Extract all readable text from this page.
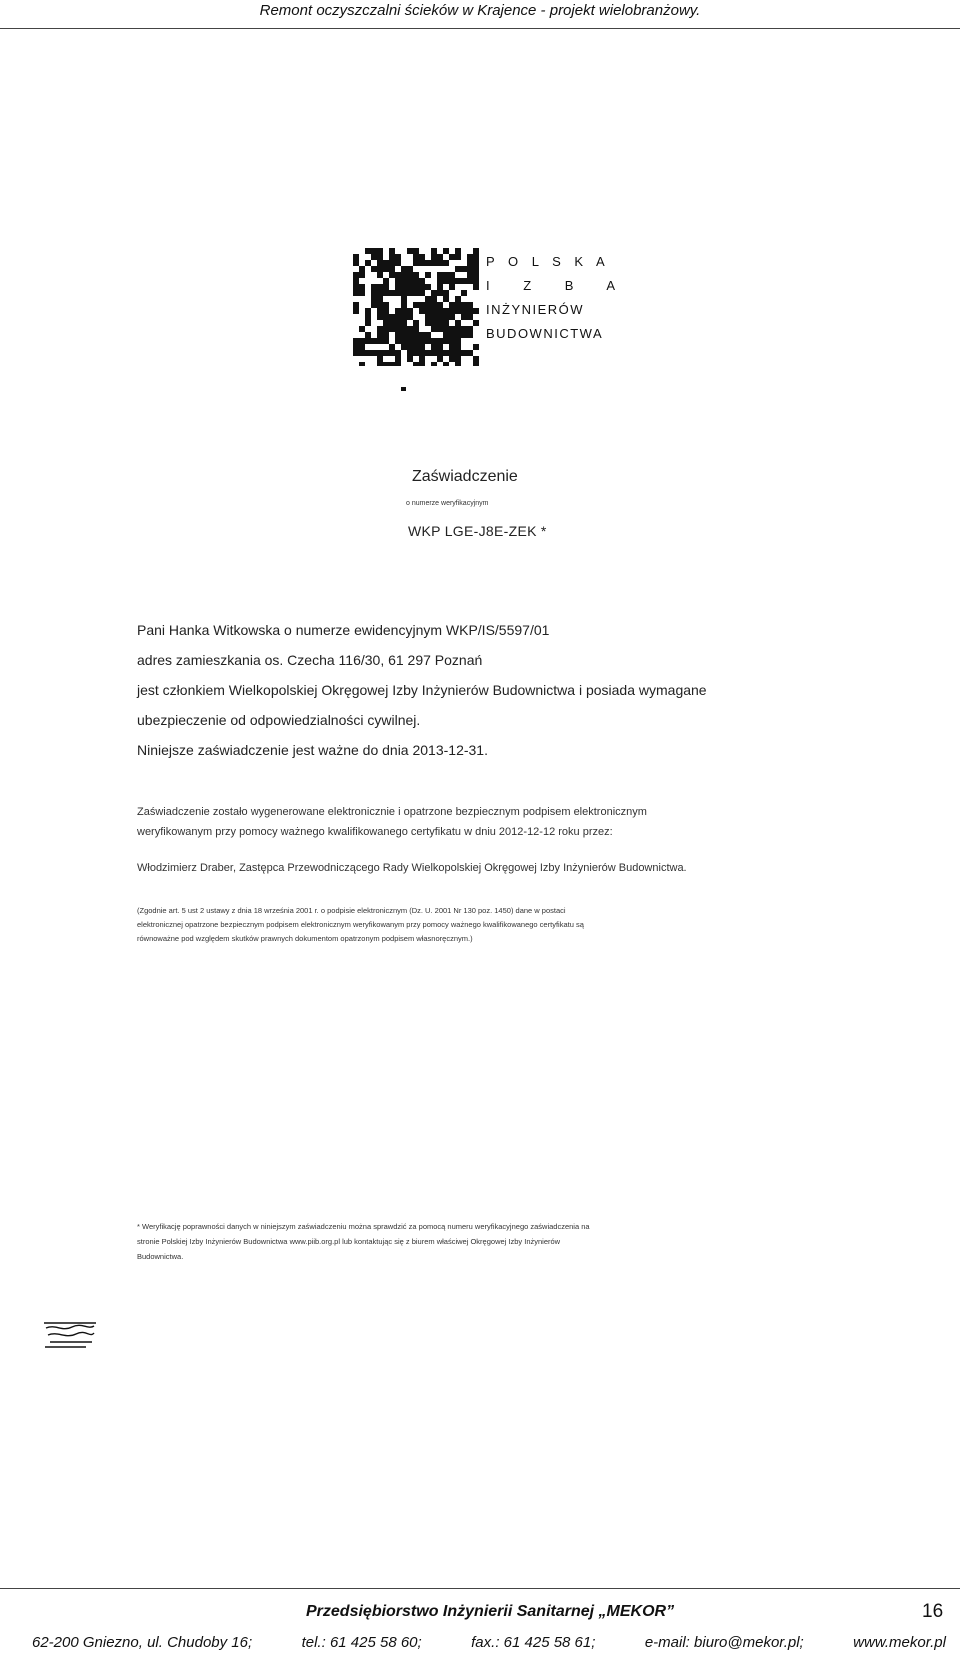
Remont oczyszczalni ścieków w Krajence - projekt wielobranżowy.
P O L S K A
I Z B A
INŻYNIERÓW
BUDOWNICTWA
Zaświadczenie
o numerze weryfikacyjnym
WKP LGE-J8E-ZEK *
Pani Hanka Witkowska o numerze ewidencyjnym WKP/IS/5597/01
adres zamieszkania os. Czecha 116/30, 61 297 Poznań
jest członkiem Wielkopolskiej Okręgowej Izby Inżynierów Budownictwa i posiada wymagane
ubezpieczenie od odpowiedzialności cywilnej.
Niniejsze zaświadczenie jest ważne do dnia 2013-12-31.
Zaświadczenie zostało wygenerowane elektronicznie i opatrzone bezpiecznym podpisem elektronicznym
weryfikowanym przy pomocy ważnego kwalifikowanego certyfikatu w dniu 2012-12-12 roku przez:
Włodzimierz Draber, Zastępca Przewodniczącego Rady Wielkopolskiej Okręgowej Izby Inżynierów Budownictwa.
(Zgodnie art. 5 ust 2 ustawy z dnia 18 września 2001 r. o podpisie elektronicznym (Dz. U. 2001 Nr 130 poz. 1450) dane w postaci
elektronicznej opatrzone bezpiecznym podpisem elektronicznym weryfikowanym przy pomocy ważnego kwalifikowanego certyfikatu są
równoważne pod względem skutków prawnych dokumentom opatrzonym podpisem własnoręcznym.)
* Weryfikację poprawności danych w niniejszym zaświadczeniu można sprawdzić za pomocą numeru weryfikacyjnego zaświadczenia na
stronie Polskiej Izby Inżynierów Budownictwa www.piib.org.pl lub kontaktując się z biurem właściwej Okręgowej Izby Inżynierów
Budownictwa.
Przedsiębiorstwo Inżynierii Sanitarnej „MEKOR”	16
62-200 Gniezno, ul. Chudoby 16;	tel.: 61 425 58 60;	fax.: 61 425 58 61;	e-mail: biuro@mekor.pl;	www.mekor.pl
